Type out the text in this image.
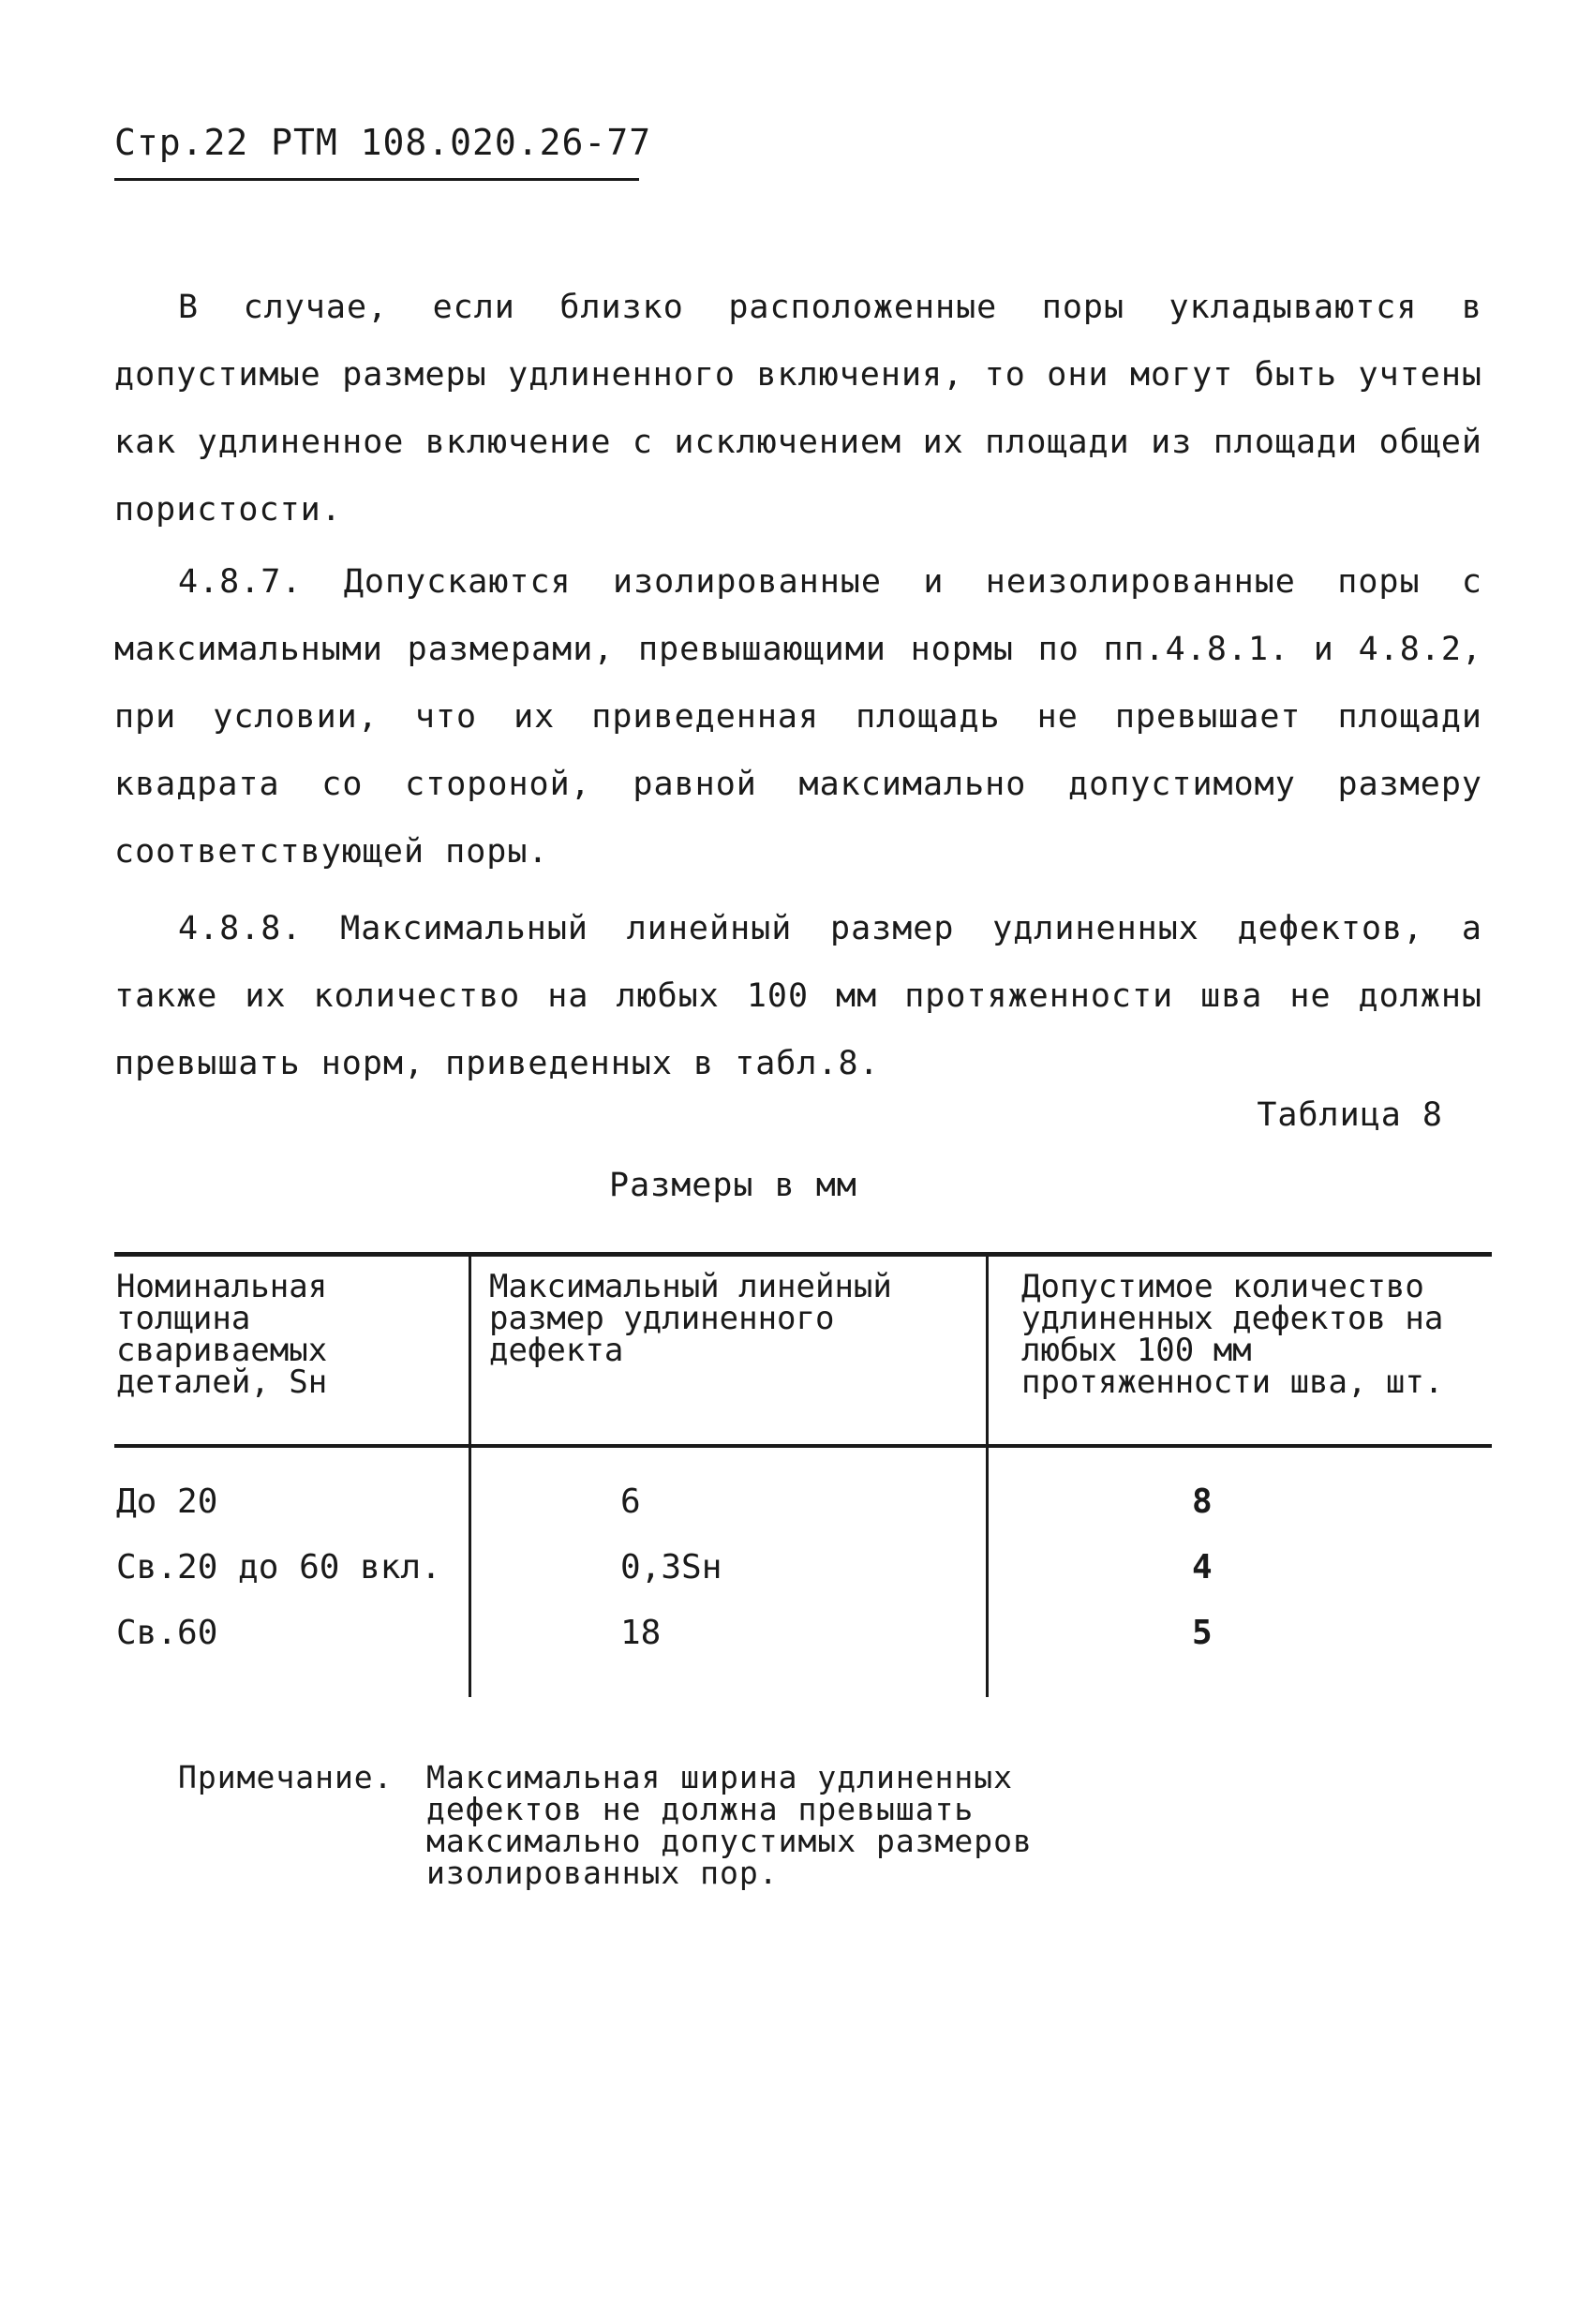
Стр.22 РТМ 108.020.26-77

В случае, если близко расположенные поры укладываются в допустимые размеры удлиненного включения, то они могут быть учтены как удлиненное включение с исключением их площади из площади общей пористости.

4.8.7. Допускаются изолированные и неизолированные поры с максимальными размерами, превышающими нормы по пп.4.8.1. и 4.8.2, при условии, что их приведенная площадь не превышает площади квадрата со стороной, равной максимально допустимому размеру соответствующей поры.

4.8.8. Максимальный линейный размер удлиненных дефектов, а также их количество на любых 100 мм протяженности шва не должны превышать норм, приведенных в табл.8.

Таблица 8
Размеры в мм
Номинальная толщина свариваемых деталей, Sн
Максимальный линейный размер удлиненного дефекта
Допустимое количество удлиненных дефектов на любых 100 мм протяженности шва, шт.
До 20	6	8
Св.20 до 60 вкл.	0,3Sн	4
Св.60	18	5
Примечание. Максимальная ширина удлиненных дефектов не должна превышать максимально допустимых размеров изолированных пор.
